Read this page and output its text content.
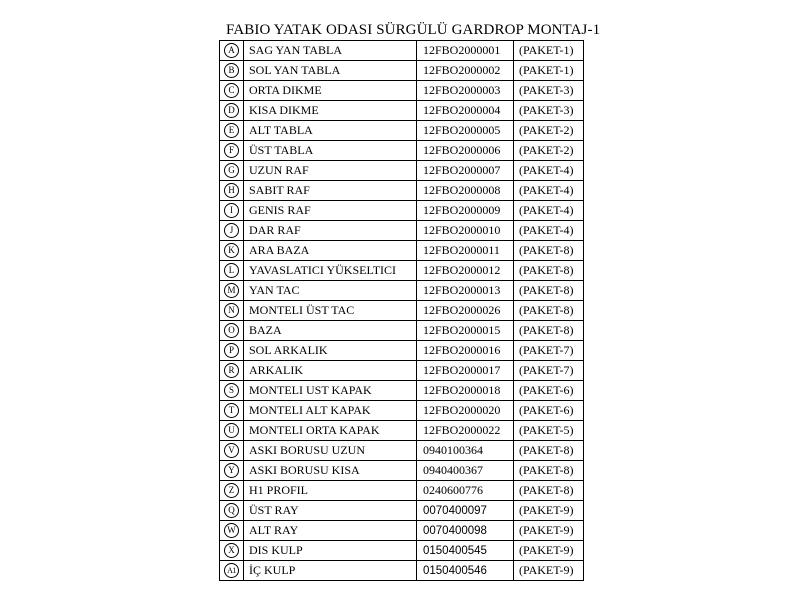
FABIO YATAK ODASI SÜRGÜLÜ GARDROP MONTAJ-1
A	SAG YAN TABLA	12FBO2000001	(PAKET-1)
B	SOL YAN TABLA	12FBO2000002	(PAKET-1)
C	ORTA DIKME	12FBO2000003	(PAKET-3)
D	KISA DIKME	12FBO2000004	(PAKET-3)
E	ALT TABLA	12FBO2000005	(PAKET-2)
F	ÜST TABLA	12FBO2000006	(PAKET-2)
G	UZUN RAF	12FBO2000007	(PAKET-4)
H	SABIT RAF	12FBO2000008	(PAKET-4)
I	GENIS RAF	12FBO2000009	(PAKET-4)
J	DAR RAF	12FBO2000010	(PAKET-4)
K	ARA BAZA	12FBO2000011	(PAKET-8)
L	YAVASLATICI YÜKSELTICI	12FBO2000012	(PAKET-8)
M	YAN TAC	12FBO2000013	(PAKET-8)
N	MONTELI ÜST TAC	12FBO2000026	(PAKET-8)
O	BAZA	12FBO2000015	(PAKET-8)
P	SOL ARKALIK	12FBO2000016	(PAKET-7)
R	ARKALIK	12FBO2000017	(PAKET-7)
S	MONTELI UST KAPAK	12FBO2000018	(PAKET-6)
T	MONTELI ALT KAPAK	12FBO2000020	(PAKET-6)
U	MONTELI ORTA KAPAK	12FBO2000022	(PAKET-5)
V	ASKI BORUSU UZUN	0940100364	(PAKET-8)
Y	ASKI BORUSU KISA	0940400367	(PAKET-8)
Z	H1 PROFIL	0240600776	(PAKET-8)
Q	ÜST RAY	0070400097	(PAKET-9)
W	ALT RAY	0070400098	(PAKET-9)
X	DIS KULP	0150400545	(PAKET-9)
A1	İÇ KULP	0150400546	(PAKET-9)
